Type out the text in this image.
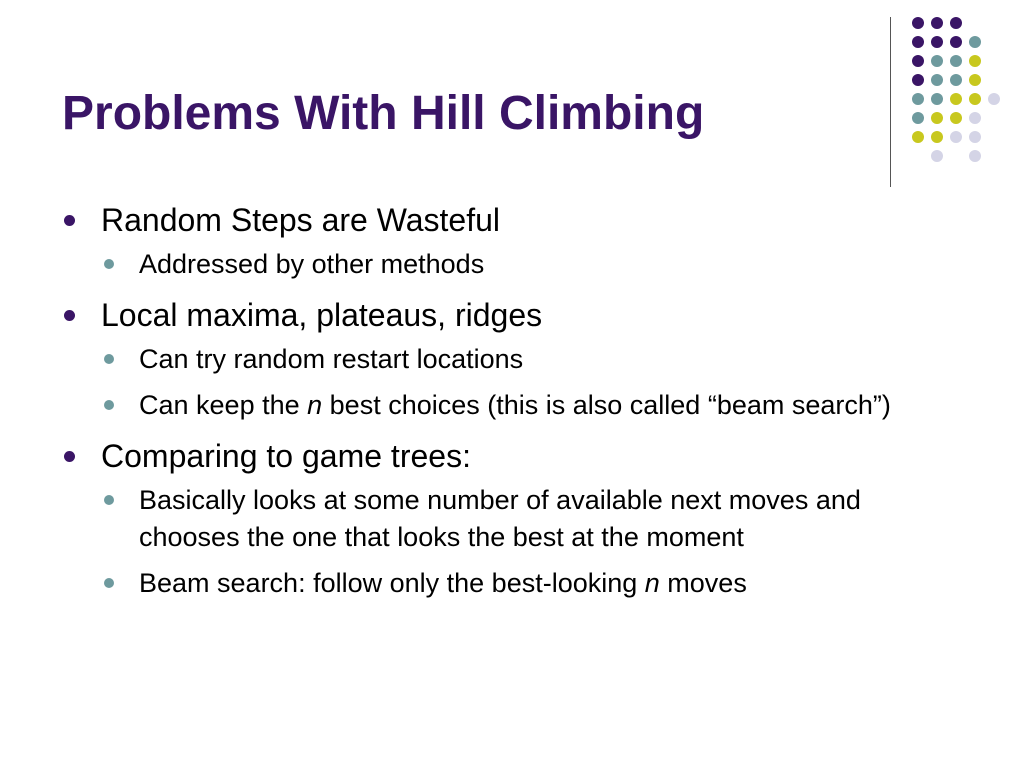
Problems With Hill Climbing
Random Steps are Wasteful
Addressed by other methods
Local maxima, plateaus, ridges
Can try random restart locations
Can keep the n best choices (this is also called “beam search”)
Comparing to game trees:
Basically looks at some number of available next moves and chooses the one that looks the best at the moment
Beam search: follow only the best-looking n moves
